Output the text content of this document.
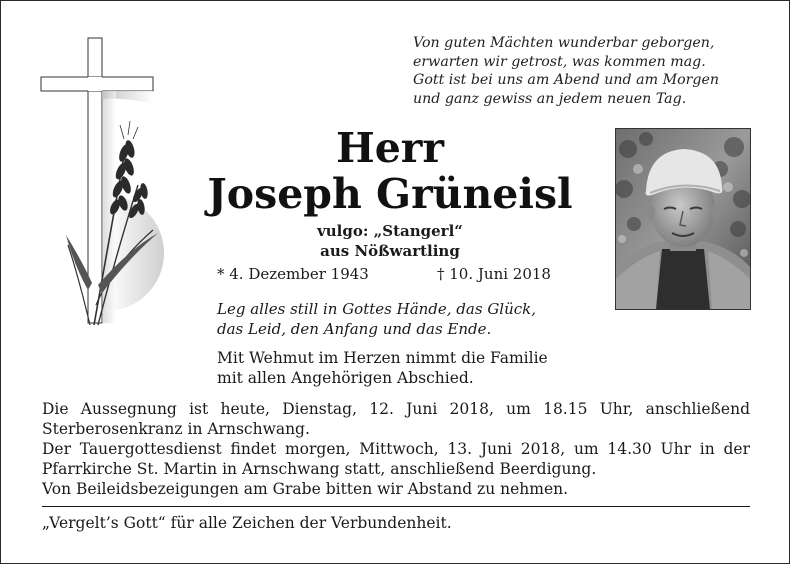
Von guten Mächten wunderbar geborgen,
erwarten wir getrost, was kommen mag.
Gott ist bei uns am Abend und am Morgen
und ganz gewiss an jedem neuen Tag.
Herr
Joseph Grüneisl
vulgo: „Stangerl“
aus Nößwartling
* 4. Dezember 1943	† 10. Juni 2018
Leg alles still in Gottes Hände, das Glück,
das Leid, den Anfang und das Ende.
Mit Wehmut im Herzen nimmt die Familie
mit allen Angehörigen Abschied.
Die Aussegnung ist heute, Dienstag, 12. Juni 2018, um 18.15 Uhr, anschließend
Sterberosenkranz in Arnschwang.
Der Tauergottesdienst findet morgen, Mittwoch, 13. Juni 2018, um 14.30 Uhr in der
Pfarrkirche St. Martin in Arnschwang statt, anschließend Beerdigung.
Von Beileidsbezeigungen am Grabe bitten wir Abstand zu nehmen.
„Vergelt’s Gott“ für alle Zeichen der Verbundenheit.
